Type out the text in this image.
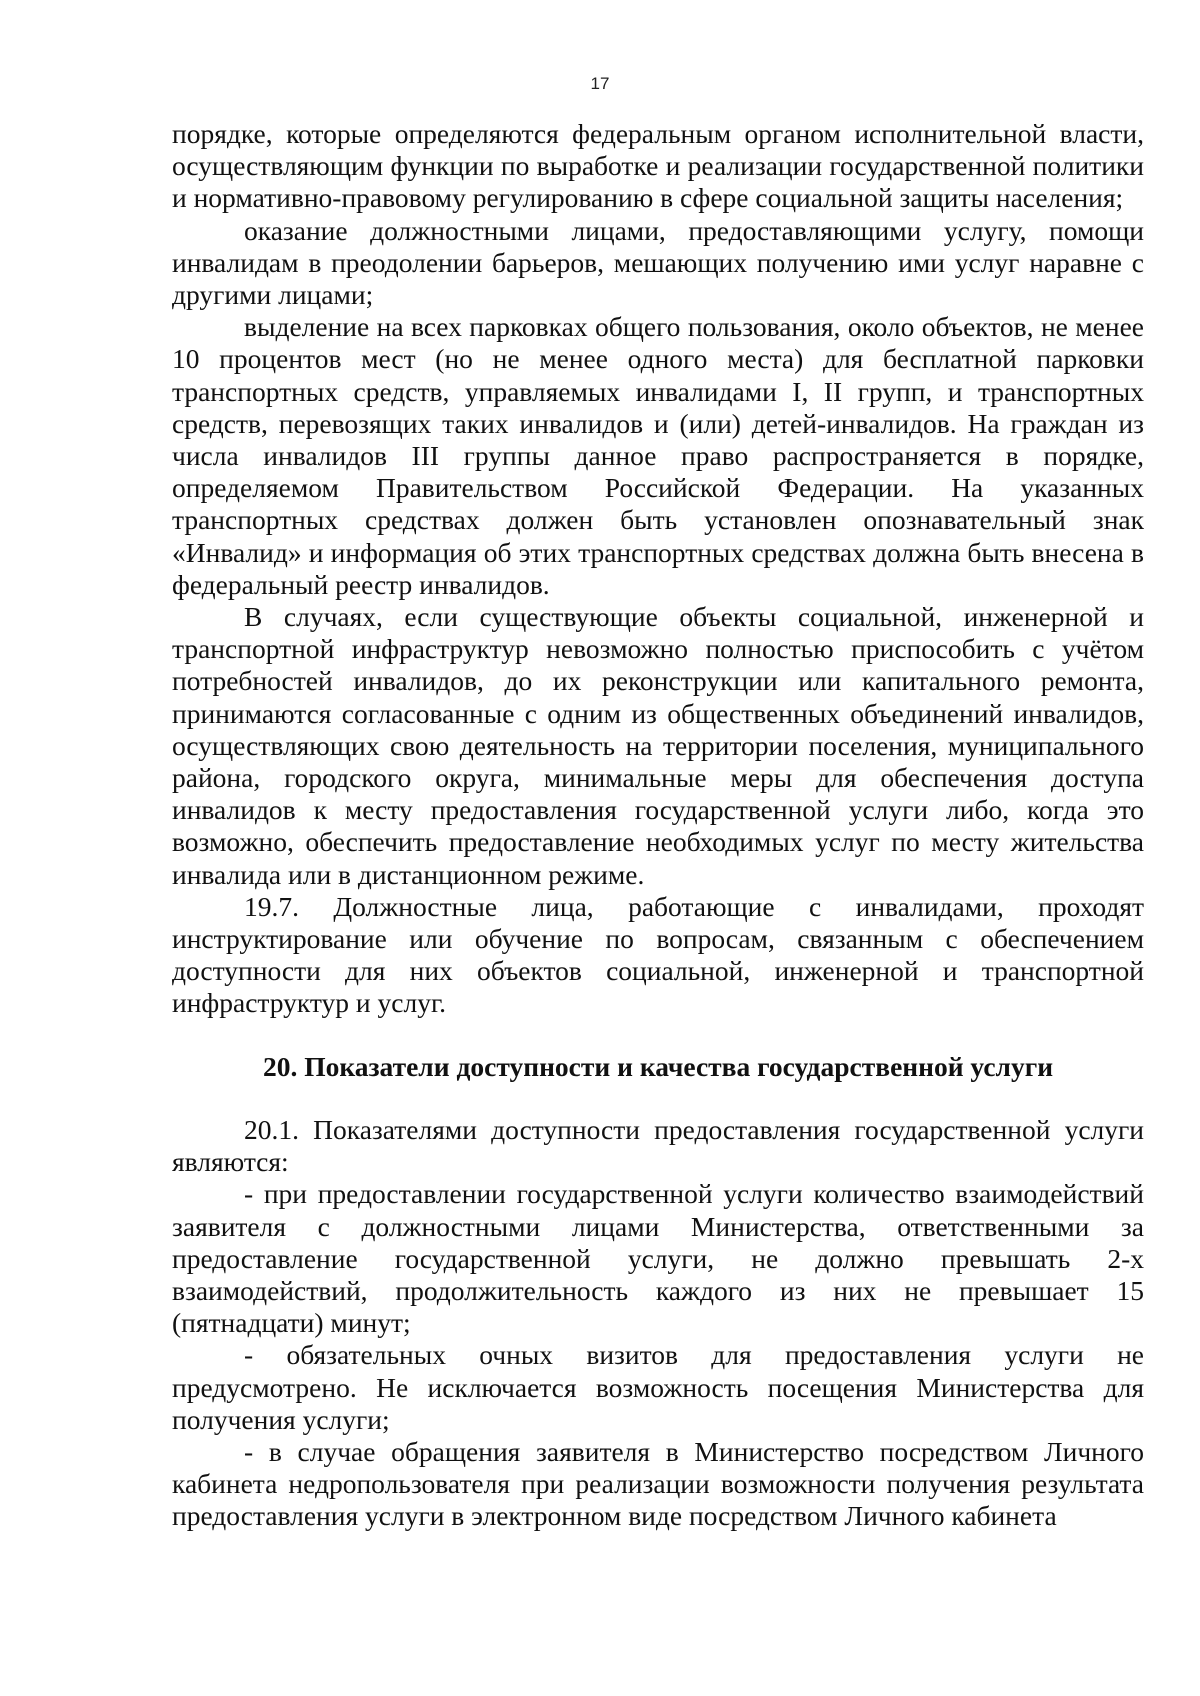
17

порядке, которые определяются федеральным органом исполнительной власти, осуществляющим функции по выработке и реализации государственной политики и нормативно-правовому регулированию в сфере социальной защиты населения;

оказание должностными лицами, предоставляющими услугу, помощи инвалидам в преодолении барьеров, мешающих получению ими услуг наравне с другими лицами;

выделение на всех парковках общего пользования, около объектов, не менее 10 процентов мест (но не менее одного места) для бесплатной парковки транспортных средств, управляемых инвалидами I, II групп, и транспортных средств, перевозящих таких инвалидов и (или) детей-инвалидов. На граждан из числа инвалидов III группы данное право распространяется в порядке, определяемом Правительством Российской Федерации. На указанных транспортных средствах должен быть установлен опознавательный знак «Инвалид» и информация об этих транспортных средствах должна быть внесена в федеральный реестр инвалидов.

В случаях, если существующие объекты социальной, инженерной и транспортной инфраструктур невозможно полностью приспособить с учётом потребностей инвалидов, до их реконструкции или капитального ремонта, принимаются согласованные с одним из общественных объединений инвалидов, осуществляющих свою деятельность на территории поселения, муниципального района, городского округа, минимальные меры для обеспечения доступа инвалидов к месту предоставления государственной услуги либо, когда это возможно, обеспечить предоставление необходимых услуг по месту жительства инвалида или в дистанционном режиме.

19.7. Должностные лица, работающие с инвалидами, проходят инструктирование или обучение по вопросам, связанным с обеспечением доступности для них объектов социальной, инженерной и транспортной инфраструктур и услуг.

20. Показатели доступности и качества государственной услуги

20.1. Показателями доступности предоставления государственной услуги являются:

- при предоставлении государственной услуги количество взаимодействий заявителя с должностными лицами Министерства, ответственными за предоставление государственной услуги, не должно превышать 2-х взаимодействий, продолжительность каждого из них не превышает 15 (пятнадцати) минут;

- обязательных очных визитов для предоставления услуги не предусмотрено. Не исключается возможность посещения Министерства для получения услуги;

- в случае обращения заявителя в Министерство посредством Личного кабинета недропользователя при реализации возможности получения результата предоставления услуги в электронном виде посредством Личного кабинета
